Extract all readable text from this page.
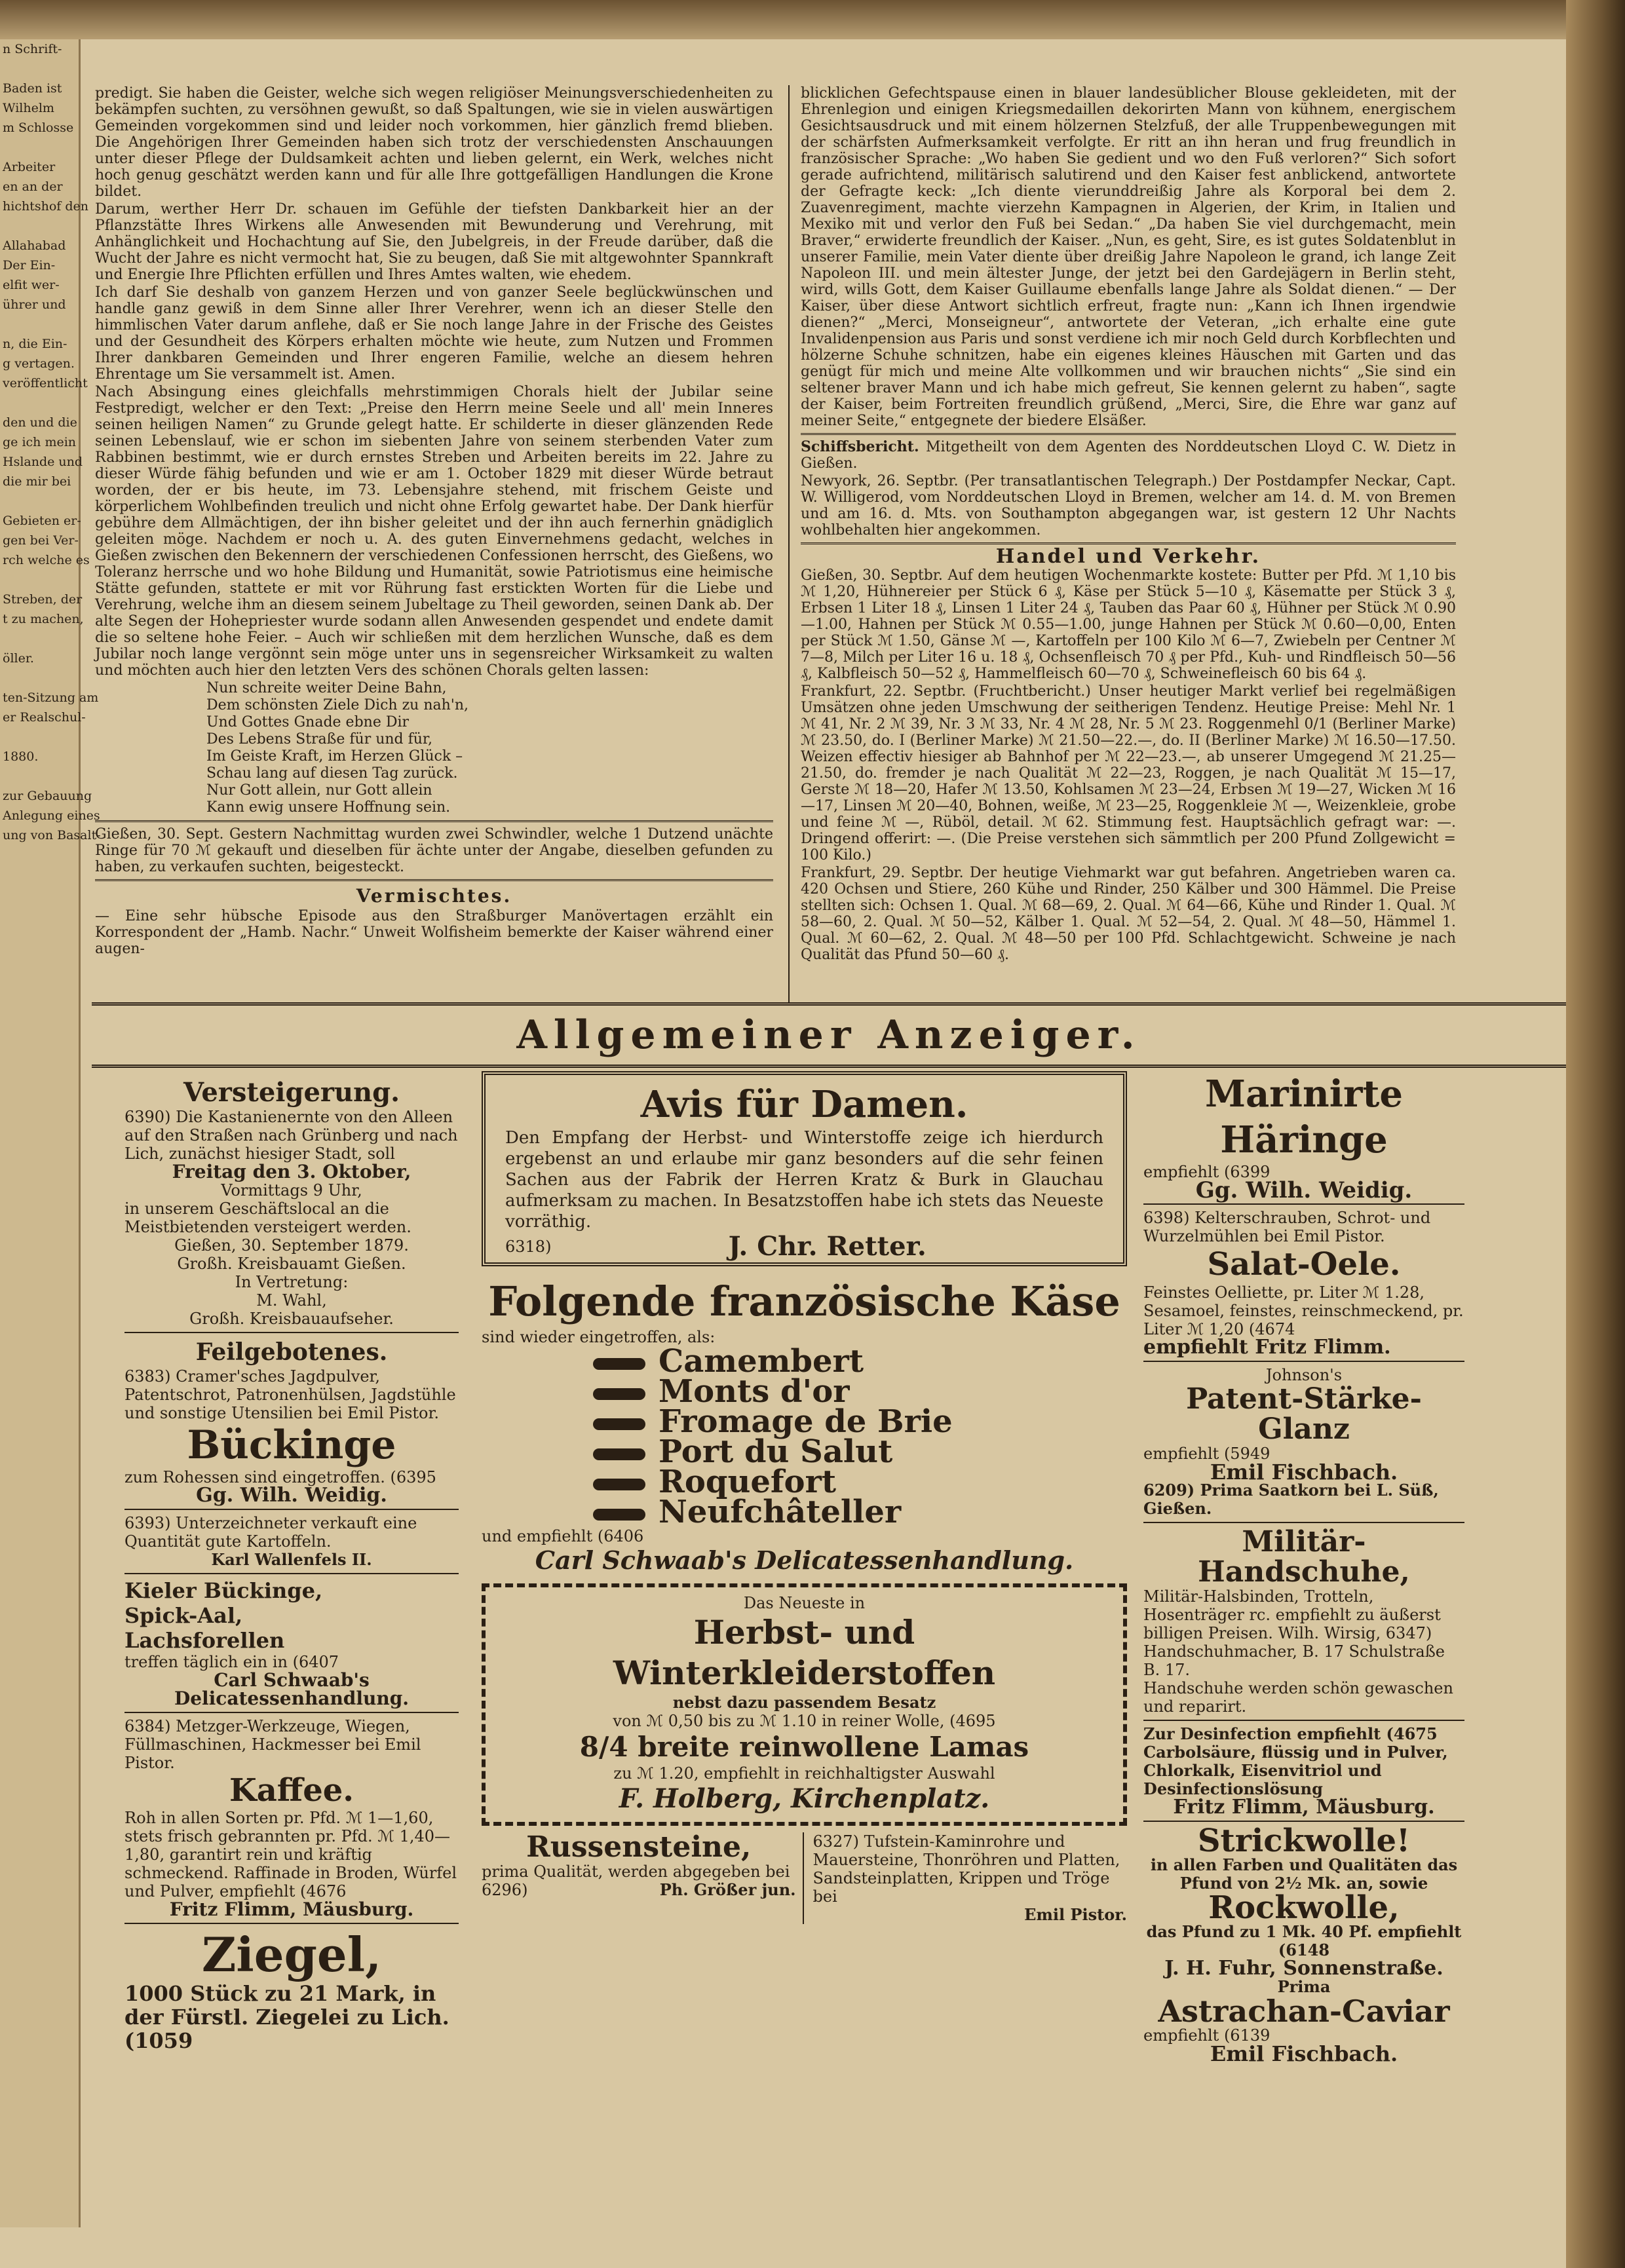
n Schrift-

Baden ist
Wilhelm
m Schlosse

Arbeiter
en an der
hichtshof den

Allahabad
Der Ein-
elfit wer-
ührer und

n, die Ein-
g vertagen.
veröffentlicht

den und die
ge ich mein
Hslande und
die mir bei

Gebieten er-
gen bei Ver-
rch welche es

Streben, der
t zu machen,

öller.

ten-Sitzung am
er Realschul-

1880.

zur Gebauung
Anlegung eines
ung von Basalt-

predigt. Sie haben die Geister, welche sich wegen religiöser Meinungsverschiedenheiten zu bekämpfen suchten, zu versöhnen gewußt, so daß Spaltungen, wie sie in vielen auswärtigen Gemeinden vorgekommen sind und leider noch vorkommen, hier gänzlich fremd blieben. Die Angehörigen Ihrer Gemeinden haben sich trotz der verschiedensten Anschauungen unter dieser Pflege der Duldsamkeit achten und lieben gelernt, ein Werk, welches nicht hoch genug geschätzt werden kann und für alle Ihre gottgefälligen Handlungen die Krone bildet.

Darum, werther Herr Dr. schauen im Gefühle der tiefsten Dankbarkeit hier an der Pflanzstätte Ihres Wirkens alle Anwesenden mit Bewunderung und Verehrung, mit Anhänglichkeit und Hochachtung auf Sie, den Jubelgreis, in der Freude darüber, daß die Wucht der Jahre es nicht vermocht hat, Sie zu beugen, daß Sie mit altgewohnter Spannkraft und Energie Ihre Pflichten erfüllen und Ihres Amtes walten, wie ehedem.

Ich darf Sie deshalb von ganzem Herzen und von ganzer Seele beglückwünschen und handle ganz gewiß in dem Sinne aller Ihrer Verehrer, wenn ich an dieser Stelle den himmlischen Vater darum anflehe, daß er Sie noch lange Jahre in der Frische des Geistes und der Gesundheit des Körpers erhalten möchte wie heute, zum Nutzen und Frommen Ihrer dankbaren Gemeinden und Ihrer engeren Familie, welche an diesem hehren Ehrentage um Sie versammelt ist. Amen.

Nach Absingung eines gleichfalls mehrstimmigen Chorals hielt der Jubilar seine Festpredigt, welcher er den Text: „Preise den Herrn meine Seele und all' mein Inneres seinen heiligen Namen“ zu Grunde gelegt hatte. Er schilderte in dieser glänzenden Rede seinen Lebenslauf, wie er schon im siebenten Jahre von seinem sterbenden Vater zum Rabbinen bestimmt, wie er durch ernstes Streben und Arbeiten bereits im 22. Jahre zu dieser Würde fähig befunden und wie er am 1. October 1829 mit dieser Würde betraut worden, der er bis heute, im 73. Lebensjahre stehend, mit frischem Geiste und körperlichem Wohlbefinden treulich und nicht ohne Erfolg gewartet habe. Der Dank hierfür gebühre dem Allmächtigen, der ihn bisher geleitet und der ihn auch fernerhin gnädiglich geleiten möge. Nachdem er noch u. A. des guten Einvernehmens gedacht, welches in Gießen zwischen den Bekennern der verschiedenen Confessionen herrscht, des Gießens, wo Toleranz herrsche und wo hohe Bildung und Humanität, sowie Patriotismus eine heimische Stätte gefunden, stattete er mit vor Rührung fast erstickten Worten für die Liebe und Verehrung, welche ihm an diesem seinem Jubeltage zu Theil geworden, seinen Dank ab. Der alte Segen der Hohepriester wurde sodann allen Anwesenden gespendet und endete damit die so seltene hohe Feier. – Auch wir schließen mit dem herzlichen Wunsche, daß es dem Jubilar noch lange vergönnt sein möge unter uns in segensreicher Wirksamkeit zu walten und möchten auch hier den letzten Vers des schönen Chorals gelten lassen:

Nun schreite weiter Deine Bahn,
Dem schönsten Ziele Dich zu nah'n,
Und Gottes Gnade ebne Dir
Des Lebens Straße für und für,
Im Geiste Kraft, im Herzen Glück –
Schau lang auf diesen Tag zurück.
Nur Gott allein, nur Gott allein
Kann ewig unsere Hoffnung sein.

Gießen, 30. Sept. Gestern Nachmittag wurden zwei Schwindler, welche 1 Dutzend unächte Ringe für 70 ℳ gekauft und dieselben für ächte unter der Angabe, dieselben gefunden zu haben, zu verkaufen suchten, beigesteckt.

Vermischtes.

— Eine sehr hübsche Episode aus den Straßburger Manövertagen erzählt ein Korrespondent der „Hamb. Nachr.“ Unweit Wolfisheim bemerkte der Kaiser während einer augen-

blicklichen Gefechtspause einen in blauer landesüblicher Blouse gekleideten, mit der Ehrenlegion und einigen Kriegsmedaillen dekorirten Mann von kühnem, energischem Gesichtsausdruck und mit einem hölzernen Stelzfuß, der alle Truppenbewegungen mit der schärfsten Aufmerksamkeit verfolgte. Er ritt an ihn heran und frug freundlich in französischer Sprache: „Wo haben Sie gedient und wo den Fuß verloren?“ Sich sofort gerade aufrichtend, militärisch salutirend und den Kaiser fest anblickend, antwortete der Gefragte keck: „Ich diente vierunddreißig Jahre als Korporal bei dem 2. Zuavenregiment, machte vierzehn Kampagnen in Algerien, der Krim, in Italien und Mexiko mit und verlor den Fuß bei Sedan.“ „Da haben Sie viel durchgemacht, mein Braver,“ erwiderte freundlich der Kaiser. „Nun, es geht, Sire, es ist gutes Soldatenblut in unserer Familie, mein Vater diente über dreißig Jahre Napoleon le grand, ich lange Zeit Napoleon III. und mein ältester Junge, der jetzt bei den Gardejägern in Berlin steht, wird, wills Gott, dem Kaiser Guillaume ebenfalls lange Jahre als Soldat dienen.“ — Der Kaiser, über diese Antwort sichtlich erfreut, fragte nun: „Kann ich Ihnen irgendwie dienen?“ „Merci, Monseigneur“, antwortete der Veteran, „ich erhalte eine gute Invalidenpension aus Paris und sonst verdiene ich mir noch Geld durch Korbflechten und hölzerne Schuhe schnitzen, habe ein eigenes kleines Häuschen mit Garten und das genügt für mich und meine Alte vollkommen und wir brauchen nichts“ „Sie sind ein seltener braver Mann und ich habe mich gefreut, Sie kennen gelernt zu haben“, sagte der Kaiser, beim Fortreiten freundlich grüßend, „Merci, Sire, die Ehre war ganz auf meiner Seite,“ entgegnete der biedere Elsäßer.

Schiffsbericht. Mitgetheilt von dem Agenten des Norddeutschen Lloyd C. W. Dietz in Gießen.

Newyork, 26. Septbr. (Per transatlantischen Telegraph.) Der Postdampfer Neckar, Capt. W. Willigerod, vom Norddeutschen Lloyd in Bremen, welcher am 14. d. M. von Bremen und am 16. d. Mts. von Southampton abgegangen war, ist gestern 12 Uhr Nachts wohlbehalten hier angekommen.

Handel und Verkehr.

Gießen, 30. Septbr. Auf dem heutigen Wochenmarkte kostete: Butter per Pfd. ℳ 1,10 bis ℳ 1,20, Hühnereier per Stück 6 ₰, Käse per Stück 5—10 ₰, Käsematte per Stück 3 ₰, Erbsen 1 Liter 18 ₰, Linsen 1 Liter 24 ₰, Tauben das Paar 60 ₰, Hühner per Stück ℳ 0.90—1.00, Hahnen per Stück ℳ 0.55—1.00, junge Hahnen per Stück ℳ 0.60—0,00, Enten per Stück ℳ 1.50, Gänse ℳ —, Kartoffeln per 100 Kilo ℳ 6—7, Zwiebeln per Centner ℳ 7—8, Milch per Liter 16 u. 18 ₰, Ochsenfleisch 70 ₰ per Pfd., Kuh- und Rindfleisch 50—56 ₰, Kalbfleisch 50—52 ₰, Hammelfleisch 60—70 ₰, Schweinefleisch 60 bis 64 ₰.

Frankfurt, 22. Septbr. (Fruchtbericht.) Unser heutiger Markt verlief bei regelmäßigen Umsätzen ohne jeden Umschwung der seitherigen Tendenz. Heutige Preise: Mehl Nr. 1 ℳ 41, Nr. 2 ℳ 39, Nr. 3 ℳ 33, Nr. 4 ℳ 28, Nr. 5 ℳ 23. Roggenmehl 0/1 (Berliner Marke) ℳ 23.50, do. I (Berliner Marke) ℳ 21.50—22.—, do. II (Berliner Marke) ℳ 16.50—17.50. Weizen effectiv hiesiger ab Bahnhof per ℳ 22—23.—, ab unserer Umgegend ℳ 21.25—21.50, do. fremder je nach Qualität ℳ 22—23, Roggen, je nach Qualität ℳ 15—17, Gerste ℳ 18—20, Hafer ℳ 13.50, Kohlsamen ℳ 23—24, Erbsen ℳ 19—27, Wicken ℳ 16—17, Linsen ℳ 20—40, Bohnen, weiße, ℳ 23—25, Roggenkleie ℳ —, Weizenkleie, grobe und feine ℳ —, Rüböl, detail. ℳ 62. Stimmung fest. Hauptsächlich gefragt war: —. Dringend offerirt: —. (Die Preise verstehen sich sämmtlich per 200 Pfund Zollgewicht = 100 Kilo.)

Frankfurt, 29. Septbr. Der heutige Viehmarkt war gut befahren. Angetrieben waren ca. 420 Ochsen und Stiere, 260 Kühe und Rinder, 250 Kälber und 300 Hämmel. Die Preise stellten sich: Ochsen 1. Qual. ℳ 68—69, 2. Qual. ℳ 64—66, Kühe und Rinder 1. Qual. ℳ 58—60, 2. Qual. ℳ 50—52, Kälber 1. Qual. ℳ 52—54, 2. Qual. ℳ 48—50, Hämmel 1. Qual. ℳ 60—62, 2. Qual. ℳ 48—50 per 100 Pfd. Schlachtgewicht. Schweine je nach Qualität das Pfund 50—60 ₰.

Allgemeiner Anzeiger.
Versteigerung.
6390) Die Kastanienernte von den Alleen auf den Straßen nach Grünberg und nach Lich, zunächst hiesiger Stadt, soll
Freitag den 3. Oktober,
Vormittags 9 Uhr,
in unserem Geschäftslocal an die Meistbietenden versteigert werden.
Gießen, 30. September 1879.
Großh. Kreisbauamt Gießen.
In Vertretung:
M. Wahl,
Großh. Kreisbauaufseher.
Feilgebotenes.
6383) Cramer'sches Jagdpulver, Patentschrot, Patronenhülsen, Jagdstühle und sonstige Utensilien bei Emil Pistor.
Bückinge
zum Rohessen sind eingetroffen. (6395
Gg. Wilh. Weidig.
6393) Unterzeichneter verkauft eine Quantität gute Kartoffeln.
Karl Wallenfels II.
Kieler Bückinge,
Spick-Aal,
Lachsforellen
treffen täglich ein in (6407
Carl Schwaab's Delicatessenhandlung.
6384) Metzger-Werkzeuge, Wiegen, Füllmaschinen, Hackmesser bei Emil Pistor.
Kaffee.
Roh in allen Sorten pr. Pfd. ℳ 1—1,60, stets frisch gebrannten pr. Pfd. ℳ 1,40—1,80, garantirt rein und kräftig schmeckend. Raffinade in Broden, Würfel und Pulver, empfiehlt (4676
Fritz Flimm, Mäusburg.
Ziegel,
1000 Stück zu 21 Mark, in der Fürstl. Ziegelei zu Lich. (1059
Avis für Damen.
Den Empfang der Herbst- und Winterstoffe zeige ich hierdurch ergebenst an und erlaube mir ganz besonders auf die sehr feinen Sachen aus der Fabrik der Herren Kratz & Burk in Glauchau aufmerksam zu machen. In Besatzstoffen habe ich stets das Neueste vorräthig.
6318)	J. Chr. Retter.
Folgende französische Käse
sind wieder eingetroffen, als:
Camembert
Monts d'or
Fromage de Brie
Port du Salut
Roquefort
Neufchâteller
und empfiehlt (6406
Carl Schwaab's Delicatessenhandlung.
Das Neueste in
Herbst- und Winterkleiderstoffen
nebst dazu passendem Besatz
von ℳ 0,50 bis zu ℳ 1.10 in reiner Wolle, (4695
8/4 breite reinwollene Lamas
zu ℳ 1.20, empfiehlt in reichhaltigster Auswahl
F. Holberg, Kirchenplatz.
Russensteine,
prima Qualität, werden abgegeben bei
6296)	Ph. Größer jun.
6327) Tufstein-Kaminrohre und Mauersteine, Thonröhren und Platten, Sandsteinplatten, Krippen und Tröge bei
Emil Pistor.
Marinirte Häringe
empfiehlt (6399
Gg. Wilh. Weidig.
6398) Kelterschrauben, Schrot- und Wurzelmühlen bei Emil Pistor.
Salat-Oele.
Feinstes Oelliette, pr. Liter ℳ 1.28, Sesamoel, feinstes, reinschmeckend, pr. Liter ℳ 1,20 (4674
empfiehlt Fritz Flimm.
Johnson's
Patent-Stärke-Glanz
empfiehlt (5949
Emil Fischbach.
6209) Prima Saatkorn bei L. Süß, Gießen.
Militär-Handschuhe,
Militär-Halsbinden, Trotteln, Hosenträger rc. empfiehlt zu äußerst billigen Preisen. Wilh. Wirsig, 6347) Handschuhmacher, B. 17 Schulstraße B. 17.
Handschuhe werden schön gewaschen und reparirt.
Zur Desinfection empfiehlt (4675 Carbolsäure, flüssig und in Pulver, Chlorkalk, Eisenvitriol und Desinfectionslösung
Fritz Flimm, Mäusburg.
Strickwolle!
in allen Farben und Qualitäten das Pfund von 2½ Mk. an, sowie
Rockwolle,
das Pfund zu 1 Mk. 40 Pf. empfiehlt (6148
J. H. Fuhr, Sonnenstraße.
Prima
Astrachan-Caviar
empfiehlt (6139
Emil Fischbach.
